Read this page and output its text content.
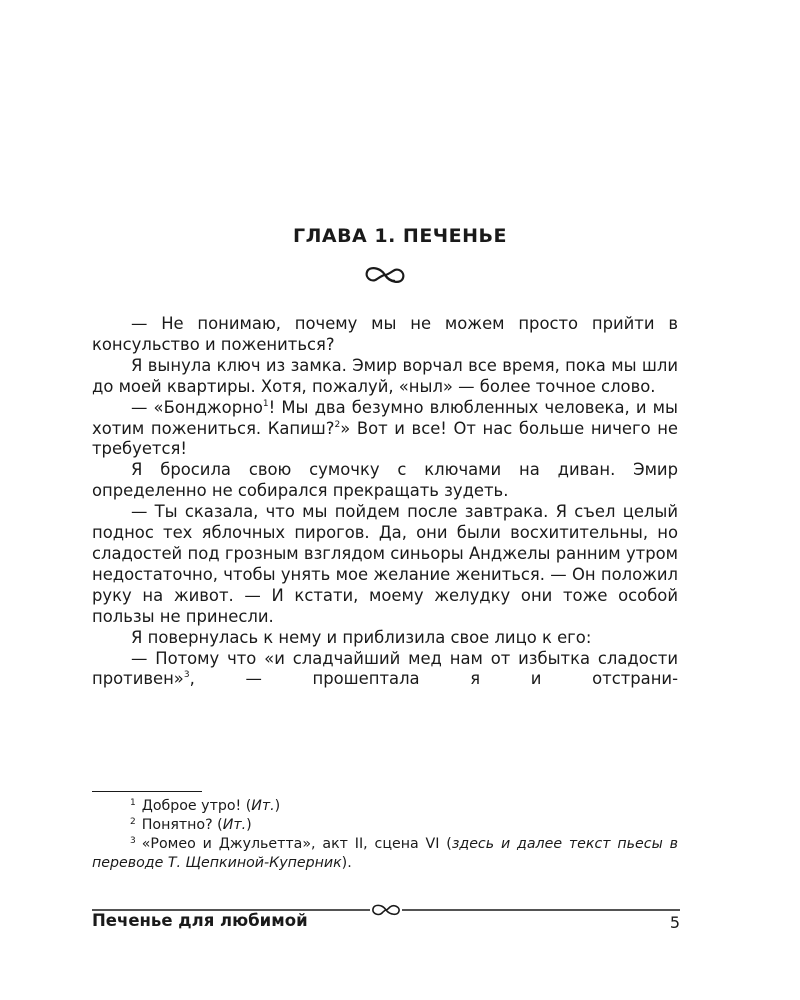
ГЛАВА 1. ПЕЧЕНЬЕ

— Не понимаю, почему мы не можем просто прийти в консульство и пожениться?

Я вынула ключ из замка. Эмир ворчал все время, пока мы шли до моей квартиры. Хотя, пожалуй, «ныл» — более точное слово.

— «Бонджорно$^1$! Мы два безумно влюбленных человека, и мы хотим пожениться. Капиш?$^2$» Вот и все! От нас больше ничего не требуется!

Я бросила свою сумочку с ключами на диван. Эмир определенно не собирался прекращать зудеть.

— Ты сказала, что мы пойдем после завтрака. Я съел целый поднос тех яблочных пирогов. Да, они были восхитительны, но сладостей под грозным взглядом синьоры Анджелы ранним утром недостаточно, чтобы унять мое желание жениться. — Он положил руку на живот. — И кстати, моему желудку они тоже особой пользы не принесли.

Я повернулась к нему и приблизила свое лицо к его:

— Потому что «и сладчайший мед нам от избытка сладости противен»$^3$, — прошептала я и отстрани-

$^1$ Доброе утро! (Ит.)

$^2$ Понятно? (Ит.)

$^3$ «Ромео и Джульетта», акт II, сцена VI (здесь и далее текст пьесы в переводе Т. Щепкиной-Куперник).

Печенье для любимой	5
